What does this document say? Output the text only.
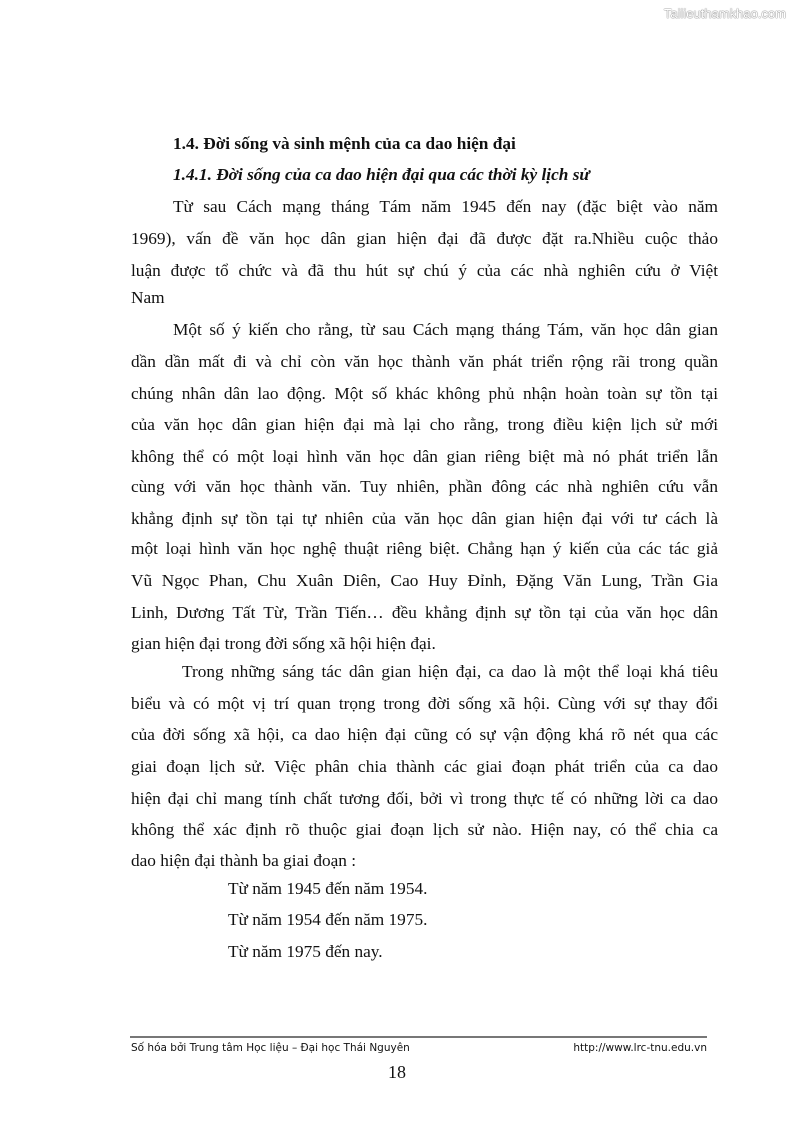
Tailieuthamkhao.com
1.4. Đời sống và sinh mệnh của ca dao hiện đại
1.4.1. Đời sống của ca dao hiện đại qua các thời kỳ lịch sử
Từ sau Cách mạng tháng Tám năm 1945 đến nay (đặc biệt vào năm
1969), vấn đề văn học dân gian hiện đại đã được đặt ra.Nhiều cuộc thảo
luận được tổ chức và đã thu hút sự chú ý của các nhà nghiên cứu ở Việt
Nam
Một số ý kiến cho rằng, từ sau Cách mạng tháng Tám, văn học dân gian
dần dần mất đi và chỉ còn văn học thành văn phát triển rộng rãi trong quần
chúng nhân dân lao động. Một số khác không phủ nhận hoàn toàn sự tồn tại
của văn học dân gian hiện đại mà lại cho rằng, trong điều kiện lịch sử mới
không thể có một loại hình văn học dân gian riêng biệt mà nó phát triển lẫn
cùng với văn học thành văn. Tuy nhiên, phần đông các nhà nghiên cứu vẫn
khẳng định sự tồn tại tự nhiên của văn học dân gian hiện đại với tư cách là
một loại hình văn học nghệ thuật riêng biệt. Chẳng hạn ý kiến của các tác giả
Vũ Ngọc Phan, Chu Xuân Diên, Cao Huy Đỉnh, Đặng Văn Lung, Trần Gia
Linh, Dương Tất Từ, Trần Tiến… đều khẳng định sự tồn tại của văn học dân
gian hiện đại trong đời sống xã hội hiện đại.
Trong những sáng tác dân gian hiện đại, ca dao là một thể loại khá tiêu
biểu và có một vị trí quan trọng trong đời sống xã hội. Cùng với sự thay đổi
của đời sống xã hội, ca dao hiện đại cũng có sự vận động khá rõ nét qua các
giai đoạn lịch sử. Việc phân chia thành các giai đoạn phát triển của ca dao
hiện đại chỉ mang tính chất tương đối, bởi vì trong thực tế có những lời ca dao
không thể xác định rõ thuộc giai đoạn lịch sử nào. Hiện nay, có thể chia ca
dao hiện đại thành ba giai đoạn :
Từ năm 1945 đến năm 1954.
Từ năm 1954 đến năm 1975.
Từ năm 1975 đến nay.
Số hóa bởi Trung tâm Học liệu – Đại học Thái Nguyên	http://www.lrc-tnu.edu.vn
18
